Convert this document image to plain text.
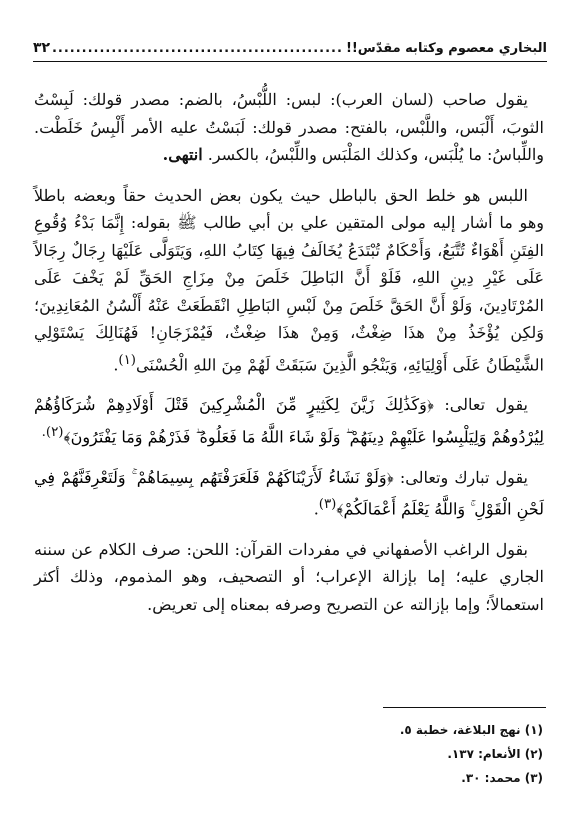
البخاري معصوم وكتابه مقدّس!!
.....
٣٢

يقول صاحب (لسان العرب): لبس: اللُّبْسُ، بالضم: مصدر قولك: لَبِسْتُ الثوبَ، أَلْبَس، واللَّبْس، بالفتح: مصدر قولك: لَبَسْتُ عليه الأمر أَلْبِسُ خَلَطْت. واللِّباسُ: ما يُلْبَس، وكذلك المَلْبَس واللِّبْسُ، بالكسر. انتهى.

اللبس هو خلط الحق بالباطل حيث يكون بعض الحديث حقاً وبعضه باطلاً وهو ما أشار إليه مولى المتقين علي بن أبي طالب ﷺ بقوله: إِنَّمَا بَدْءُ وُقُوعِ الفِتَنِ أَهْوَاءٌ تُتَّبَعُ، وَأَحْكَامٌ تُبْتَدَعُ يُخَالَفُ فِيهَا كِتَابُ اللهِ، وَيَتَوَلَّى عَلَيْهَا رِجَالٌ رِجَالاً عَلَى غَيْرِ دِينِ اللهِ، فَلَوْ أَنَّ البَاطِلَ خَلَصَ مِنْ مِزَاجِ الحَقِّ لَمْ يَخْفَ عَلَى المُرْتَادِينَ، وَلَوْ أَنَّ الحَقَّ خَلَصَ مِنْ لَبْسِ البَاطِلِ انْقَطَعَتْ عَنْهُ أَلْسُنُ المُعَانِدِينَ؛ وَلكِن يُؤْخَذُ مِنْ هذَا ضِغْثٌ، وَمِنْ هذَا ضِغْثٌ، فَيُمْزَجَانِ! فَهُنَالِكَ يَسْتَوْلِي الشَّيْطَانُ عَلَى أَوْلِيَائِهِ، وَيَنْجُو الَّذِينَ سَبَقَتْ لَهُمْ مِنَ اللهِ الْحُسْنَى$^{(١)}$.

يقول تعالى: ﴿وَكَذَٰلِكَ زَيَّنَ لِكَثِيرٍ مِّنَ الْمُشْرِكِينَ قَتْلَ أَوْلَادِهِمْ شُرَكَاؤُهُمْ لِيُرْدُوهُمْ وَلِيَلْبِسُوا عَلَيْهِمْ دِينَهُمْ ۖ وَلَوْ شَاءَ اللَّهُ مَا فَعَلُوهُ ۖ فَذَرْهُمْ وَمَا يَفْتَرُونَ﴾$^{(٢).}$

يقول تبارك وتعالى: ﴿وَلَوْ نَشَاءُ لَأَرَيْنَاكَهُمْ فَلَعَرَفْتَهُم بِسِيمَاهُمْ ۚ وَلَتَعْرِفَنَّهُمْ فِي لَحْنِ الْقَوْلِ ۚ وَاللَّهُ يَعْلَمُ أَعْمَالَكُمْ﴾$^{(٣)}$.

بقول الراغب الأصفهاني في مفردات القرآن: اللحن: صرف الكلام عن سننه الجاري عليه؛ إما بإزالة الإعراب؛ أو التصحيف، وهو المذموم، وذلك أكثر استعمالاً؛ وإما بإزالته عن التصريح وصرفه بمعناه إلى تعريض.

(١) نهج البلاغة، خطبة ٥.
(٢) الأنعام: ١٣٧.
(٣) محمد: ٣٠.
